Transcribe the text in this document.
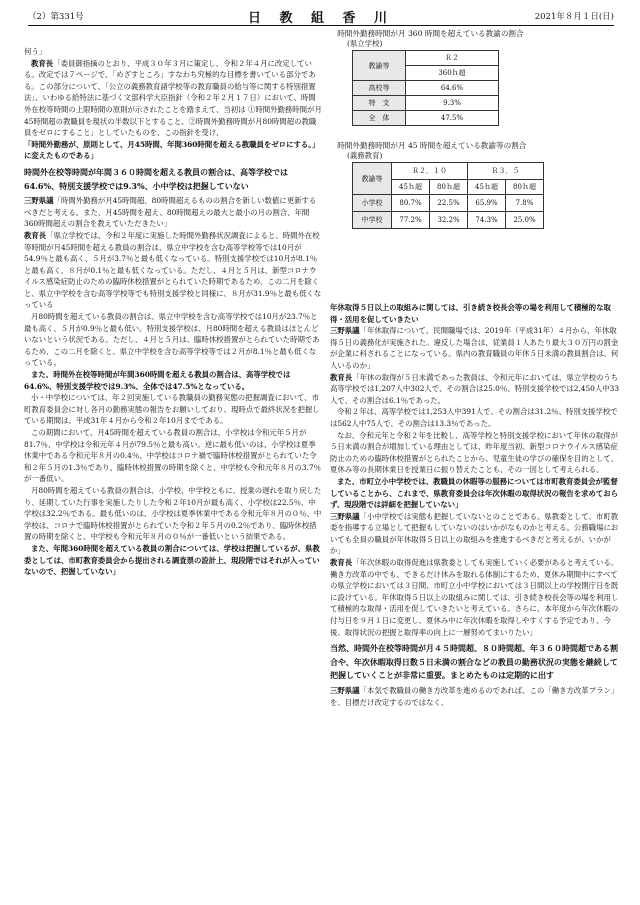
（2）第331号	日 教 組 香 川	2021年８月１日(日)

時間外勤務時間が月 360 時間を超えている教諭の割合

(県立学校)

教諭等	Ｒ２
	360ｈ超
高校等	64.6%
特　支	9.3%
全　体	47.5%

時間外勤務時間が月 45 時間を超えている教諭等の割合

(義務教育)

教諭等	Ｒ２．１０		Ｒ３．５	
	45ｈ超	80ｈ超	45ｈ超	80ｈ超
小学校	80.7%	22.5%	65.9%	7.8%
中学校	77.2%	32.2%	74.3%	25.0%

何う」

教育長「委員御指摘のとおり、平成３０年３月に策定し、令和２年４月に改定している。改定では７ページで、「めざすところ」すなわち究極的な目標を書いている部分である。この部分について、「公立の義務教育諸学校等の教育職員の給与等に関する特別措置法」、いわゆる給特法に基づく文部科学大臣指針（令和２年２月１７日）において、時間外在校等時間の上限時間の原則が示されたことを踏まえて、当初は ①時間外勤務時間が月45時間超の教職員を現状の半数以下とすること、②時間外勤務時間が月80時間超の教職員をゼロにすること」としていたものを、この指針を受け、

「時間外勤務が、原則として、月45時間、年間360時間を超える教職員をゼロにする。」に変えたものである」

時間外在校等時間が年間３６０時間を超える教員の割合は、高等学校では64.6%、特別支援学校では9.3%、小中学校は把握していない

三野県議「時間外勤務が月45時間超、80時間超えるものの割合を新しい数値に更新するべきだと考える。また、月45時間を超え、80時間超えの最大と最小の月の割合、年間360時間超えの割合を教えていただきたい」

教育長「県立学校では、令和２年度に実施した時間外勤務状況調査によると、時間外在校等時間が月45時間を超える教員の割合は、県立中学校を含む高等学校等では10月が54.9％と最も高く、５月が3.7％と最も低くなっている。特別支援学校では10月が8.1％と最も高く、８月が0.1％と最も低くなっている。ただし、４月と５月は、新型コロナウイルス感染症防止のための臨時休校措置がとられていた時期であるため、この二月を除くと、県立中学校を含む高等学校等でも特別支援学校と同様に、８月が31.9％と最も低くなっている

月80時間を超えている教員の割合は、県立中学校を含む高等学校では10月が23.7％と最も高く、５月が0.9％と最も低い。特別支援学校は、月80時間を超える教員はほとんどいないという状況である。ただし、４月と５月は、臨時休校措置がとられていた時期であるため、この二月を除くと、県立中学校を含む高等学校等では２月が8.1％と最も低くなっている。

また、時間外在校等時間が年間360時間を超える教員の割合は、高等学校では64.6%、特別支援学校では9.3%、全体では47.5%となっている。

小・中学校については、年２回実施している教職員の勤務実態の把握調査において、市町教育委員会に対し各月の勤務実態の報告をお願いしており、現時点で最終状況を把握している期間は、平成31年４月から令和２年10月までである。

この期間において、月45時間を超えている教員の割合は、小学校は令和元年５月が81.7％、中学校は令和元年４月が79.5％と最も高い。逆に最も低いのは、小学校は夏季休業中である令和元年８月の0.4％、中学校はコロナ禍で臨時休校措置がとられていた令和２年５月の1.3％であり、臨時休校措置の時期を除くと、中学校も令和元年８月の3.7％が一番低い。

月80時間を超えている教員の割合は、小学校、中学校ともに、授業の遅れを取り戻したり、延期していた行事を実施したりした令和２年10月が最も高く、小学校は22.5％、中学校は32.2％である。最も低いのは、小学校は夏季休業中である令和元年８月の０％、中学校は、コロナで臨時休校措置がとられていた令和２年５月の0.2％であり、臨時休校措置の時期を除くと、中学校も令和元年８月の０％が一番低いという結果である。

また、年間360時間を超えている教員の割合については、学校は把握しているが、県教委としては、市町教育委員会から提出される調査票の設計上、現段階ではそれが入っていないので、把握していない」

年休取得５日以上の取組みに関しては、引き続き校長会等の場を利用して積極的な取得・活用を促していきたい

三野県議「年休取得について、民間職場では、2019年（平成31年）４月から、年休取得５日の義務化が実施された。違反した場合は、従業員１人あたり最大３０万円の罰金が企業に科されることになっている。県内の教育職員の年休５日未満の教員割合は、何人いるのか」

教育長「年休の取得が５日未満であった教員は、令和元年においては、県立学校のうち高等学校では1,207人中302人で、その割合は25.0％、特別支援学校では2,450人中33人で、その割合は6.1％であった。

令和２年は、高等学校では1,253人中391人で、その割合は31.2％、特別支援学校では562人中75人で、その割合は13.3％であった。

なお、令和元年と令和２年を比較し、高等学校と特別支援学校において年休の取得が５日未満の割合が増加している理由としては、昨年度当初、新型コロナウイルス感染症防止のための臨時休校措置がとられたことから、児童生徒の学びの確保を目的として、夏休み等の長期休業日を授業日に振り替えたことも、その一因として考えられる。

また、市町立小中学校では、教職員の休暇等の服務については市町教育委員会が監督していることから、これまで、県教育委員会は年次休暇の取得状況の報告を求めておらず、現段階では詳細を把握していない」

三野県議「小中学校では実態も把握していないとのことである。県教委として、市町教委を指導する立場として把握もしていないのはいかがなものかと考える。公務職場においても全員の職員が年休取得５日以上の取組みを推進するべきだと考えるが、いかがか」

教育長「年次休暇の取得促進は県教委としても実施していく必要があると考えている。働き方改革の中でも、できるだけ休みを取れる体制にするため、夏休み期間中にすべての県立学校においては３日間、市町立小中学校においては３日間以上の学校閉庁日を既に設けている。年休取得５日以上の取組みに関しては、引き続き校長会等の場を利用して積極的な取得・活用を促していきたいと考えている。さらに、本年度から年次休暇の付与日を９月１日に変更し、夏休み中に年次休暇を取得しやすくする予定であり、今後、取得状況の把握と取得率の向上に一層努めてまいりたい」

当然、時間外在校等時間が月４５時間超、８０時間超、年３６０時間超である割合や、年次休暇取得日数５日未満の割合などの教員の勤務状況の実態を継続して把握していくことが非常に重要。まとめたものは定期的に出す

三野県議「本気で教職員の働き方改革を進めるのであれば、この「働き方改革プラン」を、目標だけ改定するのではなく、
